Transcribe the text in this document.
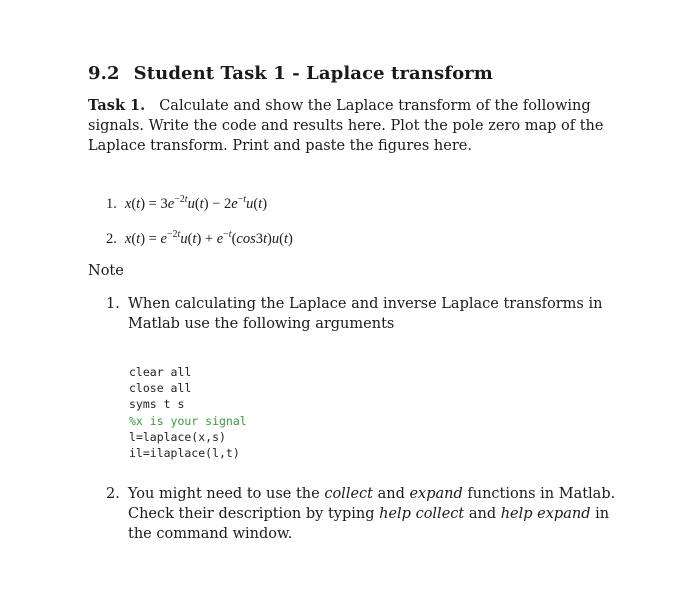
9.2 Student Task 1 - Laplace transform
Task 1. Calculate and show the Laplace transform of the following signals. Write the code and results here. Plot the pole zero map of the Laplace transform. Print and paste the figures here.
1. $x(t) = 3e^{-2t}u(t) - 2e^{-t}u(t)$
2. $x(t) = e^{-2t}u(t) + e^{-t}(\cos 3t)u(t)$
Note
1. When calculating the Laplace and inverse Laplace transforms in Matlab use the following arguments
clear all
close all
syms t s
%x is your signal
l=laplace(x,s)
il=ilaplace(l,t)
2. You might need to use the collect and expand functions in Matlab. Check their description by typing help collect and help expand in the command window.
